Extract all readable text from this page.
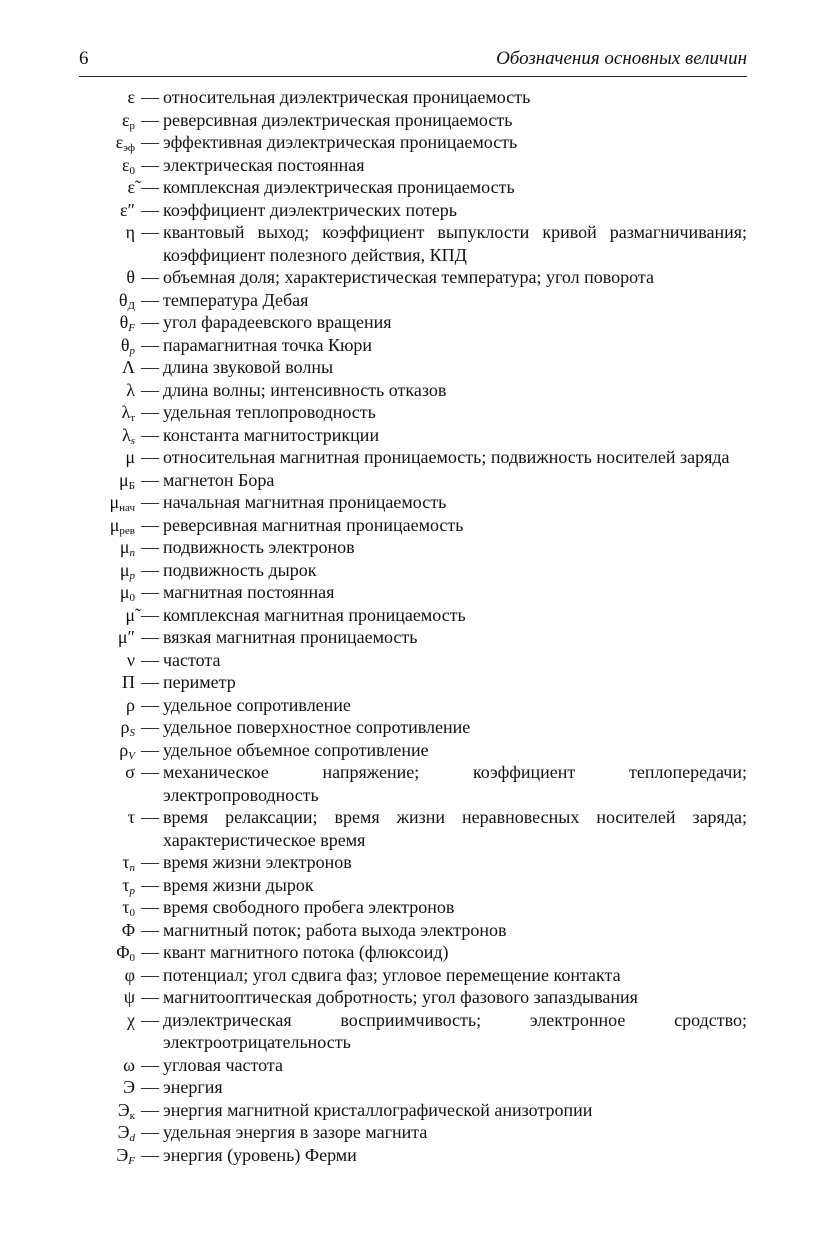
6	Обозначения основных величин
ε — относительная диэлектрическая проницаемость
$\varepsilon_р$ — реверсивная диэлектрическая проницаемость
$\varepsilon_{эф}$ — эффективная диэлектрическая проницаемость
$\varepsilon_0$ — электрическая постоянная
ε̃ — комплексная диэлектрическая проницаемость
ε″ — коэффициент диэлектрических потерь
η — квантовый выход; коэффициент выпуклости кривой размагничивания; коэффициент полезного действия, КПД
θ — объемная доля; характеристическая температура; угол поворота
$\theta_Д$ — температура Дебая
$\theta_F$ — угол фарадеевского вращения
$\theta_p$ — парамагнитная точка Кюри
Λ — длина звуковой волны
λ — длина волны; интенсивность отказов
$\lambda_т$ — удельная теплопроводность
$\lambda_s$ — константа магнитострикции
μ — относительная магнитная проницаемость; подвижность носителей заряда
$\mu_Б$ — магнетон Бора
$\mu_{нач}$ — начальная магнитная проницаемость
$\mu_{рев}$ — реверсивная магнитная проницаемость
$\mu_n$ — подвижность электронов
$\mu_p$ — подвижность дырок
$\mu_0$ — магнитная постоянная
μ̃ — комплексная магнитная проницаемость
μ″ — вязкая магнитная проницаемость
ν — частота
Π — периметр
ρ — удельное сопротивление
$\rho_S$ — удельное поверхностное сопротивление
$\rho_V$ — удельное объемное сопротивление
σ — механическое напряжение; коэффициент теплопередачи; электропроводность
τ — время релаксации; время жизни неравновесных носителей заряда; характеристическое время
$\tau_n$ — время жизни электронов
$\tau_p$ — время жизни дырок
$\tau_0$ — время свободного пробега электронов
Φ — магнитный поток; работа выхода электронов
$\Phi_0$ — квант магнитного потока (флюксоид)
φ — потенциал; угол сдвига фаз; угловое перемещение контакта
ψ — магнитооптическая добротность; угол фазового запаздывания
χ — диэлектрическая восприимчивость; электронное сродство; электроотрицательность
ω — угловая частота
Э — энергия
$Э_к$ — энергия магнитной кристаллографической анизотропии
$Э_d$ — удельная энергия в зазоре магнита
$Э_F$ — энергия (уровень) Ферми
